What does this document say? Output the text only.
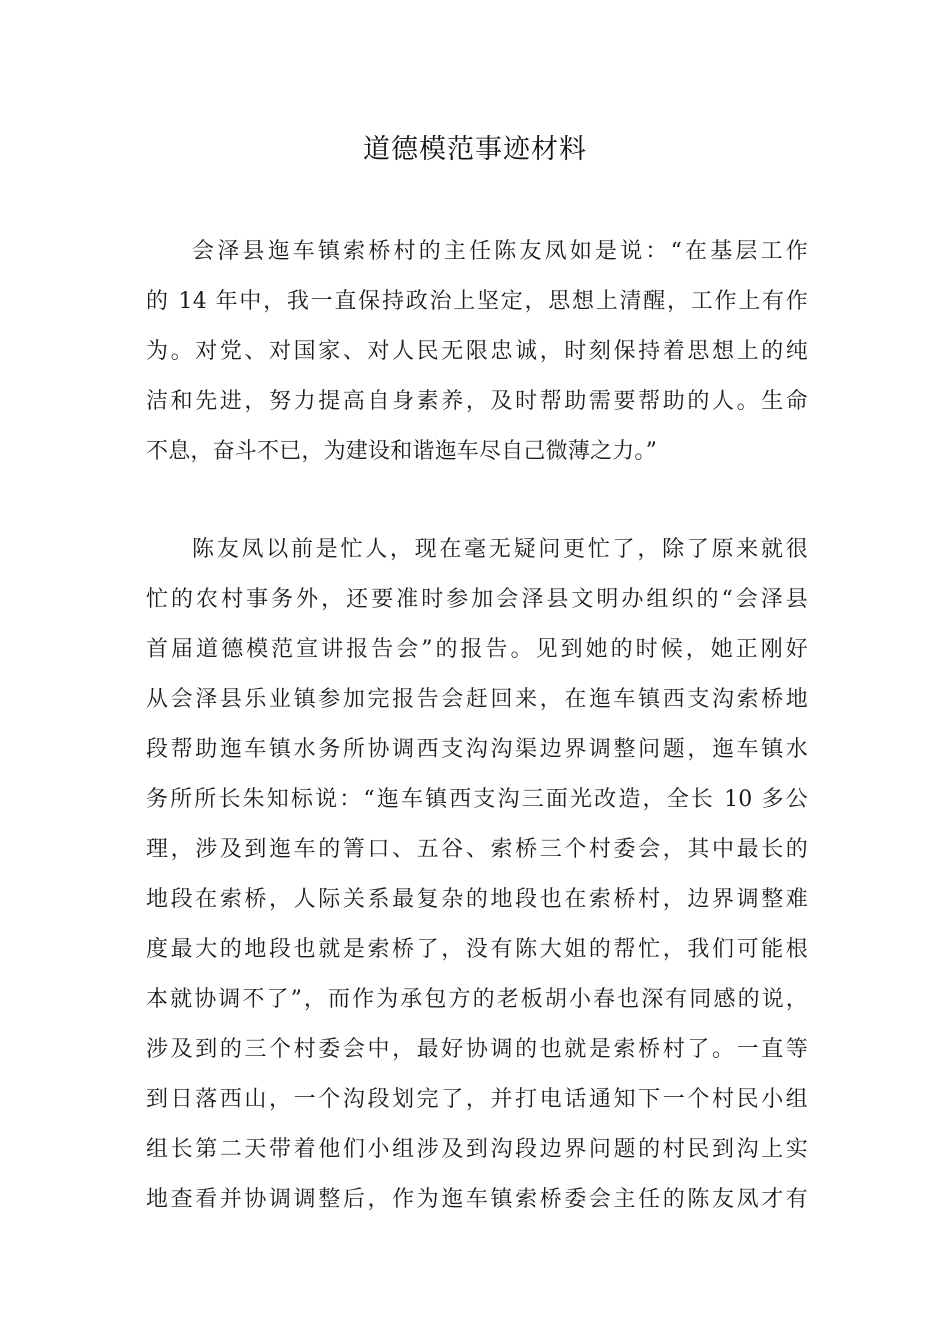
道德模范事迹材料
会泽县迤车镇索桥村的主任陈友凤如是说：“在基层工作
的 14 年中，我一直保持政治上坚定，思想上清醒，工作上有作
为。对党、对国家、对人民无限忠诚，时刻保持着思想上的纯
洁和先进，努力提高自身素养，及时帮助需要帮助的人。生命
不息，奋斗不已，为建设和谐迤车尽自己微薄之力。”
陈友凤以前是忙人，现在毫无疑问更忙了，除了原来就很
忙的农村事务外，还要准时参加会泽县文明办组织的“会泽县
首届道德模范宣讲报告会”的报告。见到她的时候，她正刚好
从会泽县乐业镇参加完报告会赶回来，在迤车镇西支沟索桥地
段帮助迤车镇水务所协调西支沟沟渠边界调整问题，迤车镇水
务所所长朱知标说：“迤车镇西支沟三面光改造，全长 10 多公
理，涉及到迤车的箐口、五谷、索桥三个村委会，其中最长的
地段在索桥，人际关系最复杂的地段也在索桥村，边界调整难
度最大的地段也就是索桥了，没有陈大姐的帮忙，我们可能根
本就协调不了”，而作为承包方的老板胡小春也深有同感的说，
涉及到的三个村委会中，最好协调的也就是索桥村了。一直等
到日落西山，一个沟段划完了，并打电话通知下一个村民小组
组长第二天带着他们小组涉及到沟段边界问题的村民到沟上实
地查看并协调调整后，作为迤车镇索桥委会主任的陈友凤才有
